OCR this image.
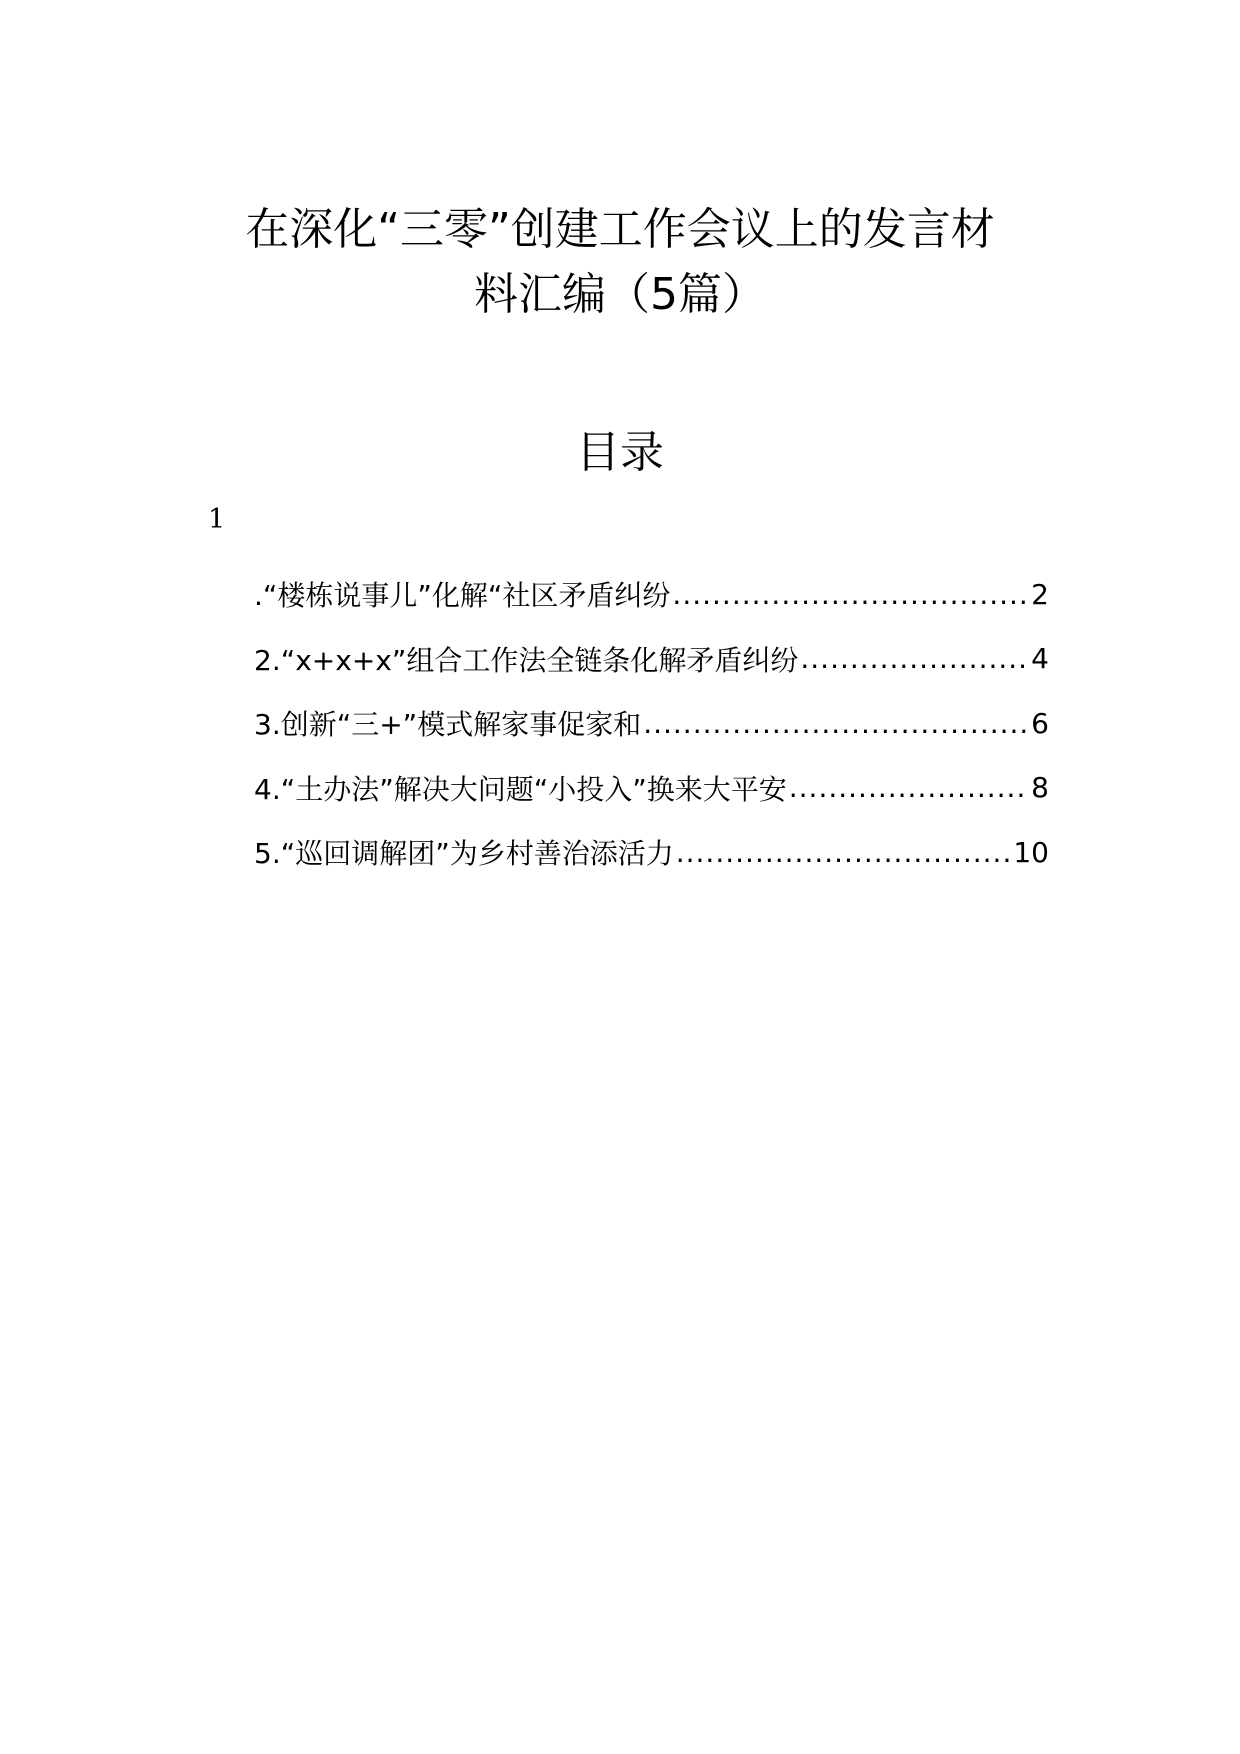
在深化“三零”创建工作会议上的发言材
料汇编（5篇）
目录
1
.“楼栋说事儿”化解“社区矛盾纠纷 .....	2
2.“x+x+x”组合工作法全链条化解矛盾纠纷 .....	4
3.创新“三+”模式解家事促家和 .....	6
4.“土办法”解决大问题“小投入”换来大平安 .....	8
5.“巡回调解团”为乡村善治添活力 .....	10
